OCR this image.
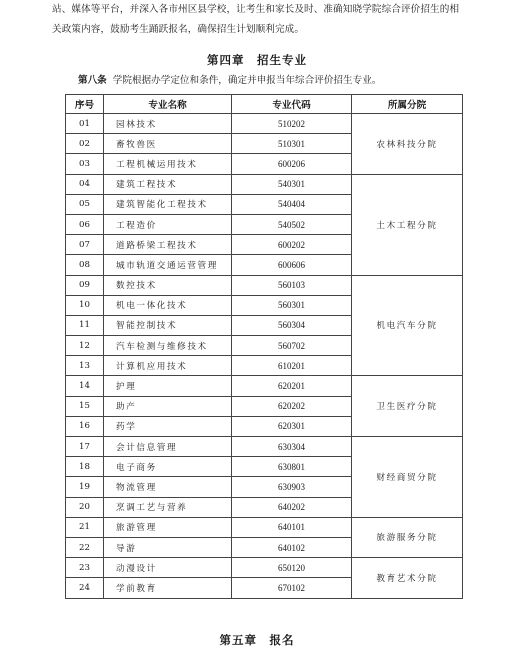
站、媒体等平台，并深入各市州区县学校，让考生和家长及时、准确知晓学院综合评价招生的相
关政策内容，鼓励考生踊跃报名，确保招生计划顺利完成。
第四章　招生专业
第八条 学院根据办学定位和条件，确定并申报当年综合评价招生专业。
序号	专业名称	专业代码	所属分院
01	园林技术	510202	农林科技分院
02	畜牧兽医	510301	
03	工程机械运用技术	600206	
04	建筑工程技术	540301	土木工程分院
05	建筑智能化工程技术	540404	
06	工程造价	540502	
07	道路桥梁工程技术	600202	
08	城市轨道交通运营管理	600606	
09	数控技术	560103	机电汽车分院
10	机电一体化技术	560301	
11	智能控制技术	560304	
12	汽车检测与维修技术	560702	
13	计算机应用技术	610201	
14	护理	620201	卫生医疗分院
15	助产	620202	
16	药学	620301	
17	会计信息管理	630304	财经商贸分院
18	电子商务	630801	
19	物流管理	630903	
20	烹调工艺与营养	640202	
21	旅游管理	640101	旅游服务分院
22	导游	640102	
23	动漫设计	650120	教育艺术分院
24	学前教育	670102	
第五章　报名
